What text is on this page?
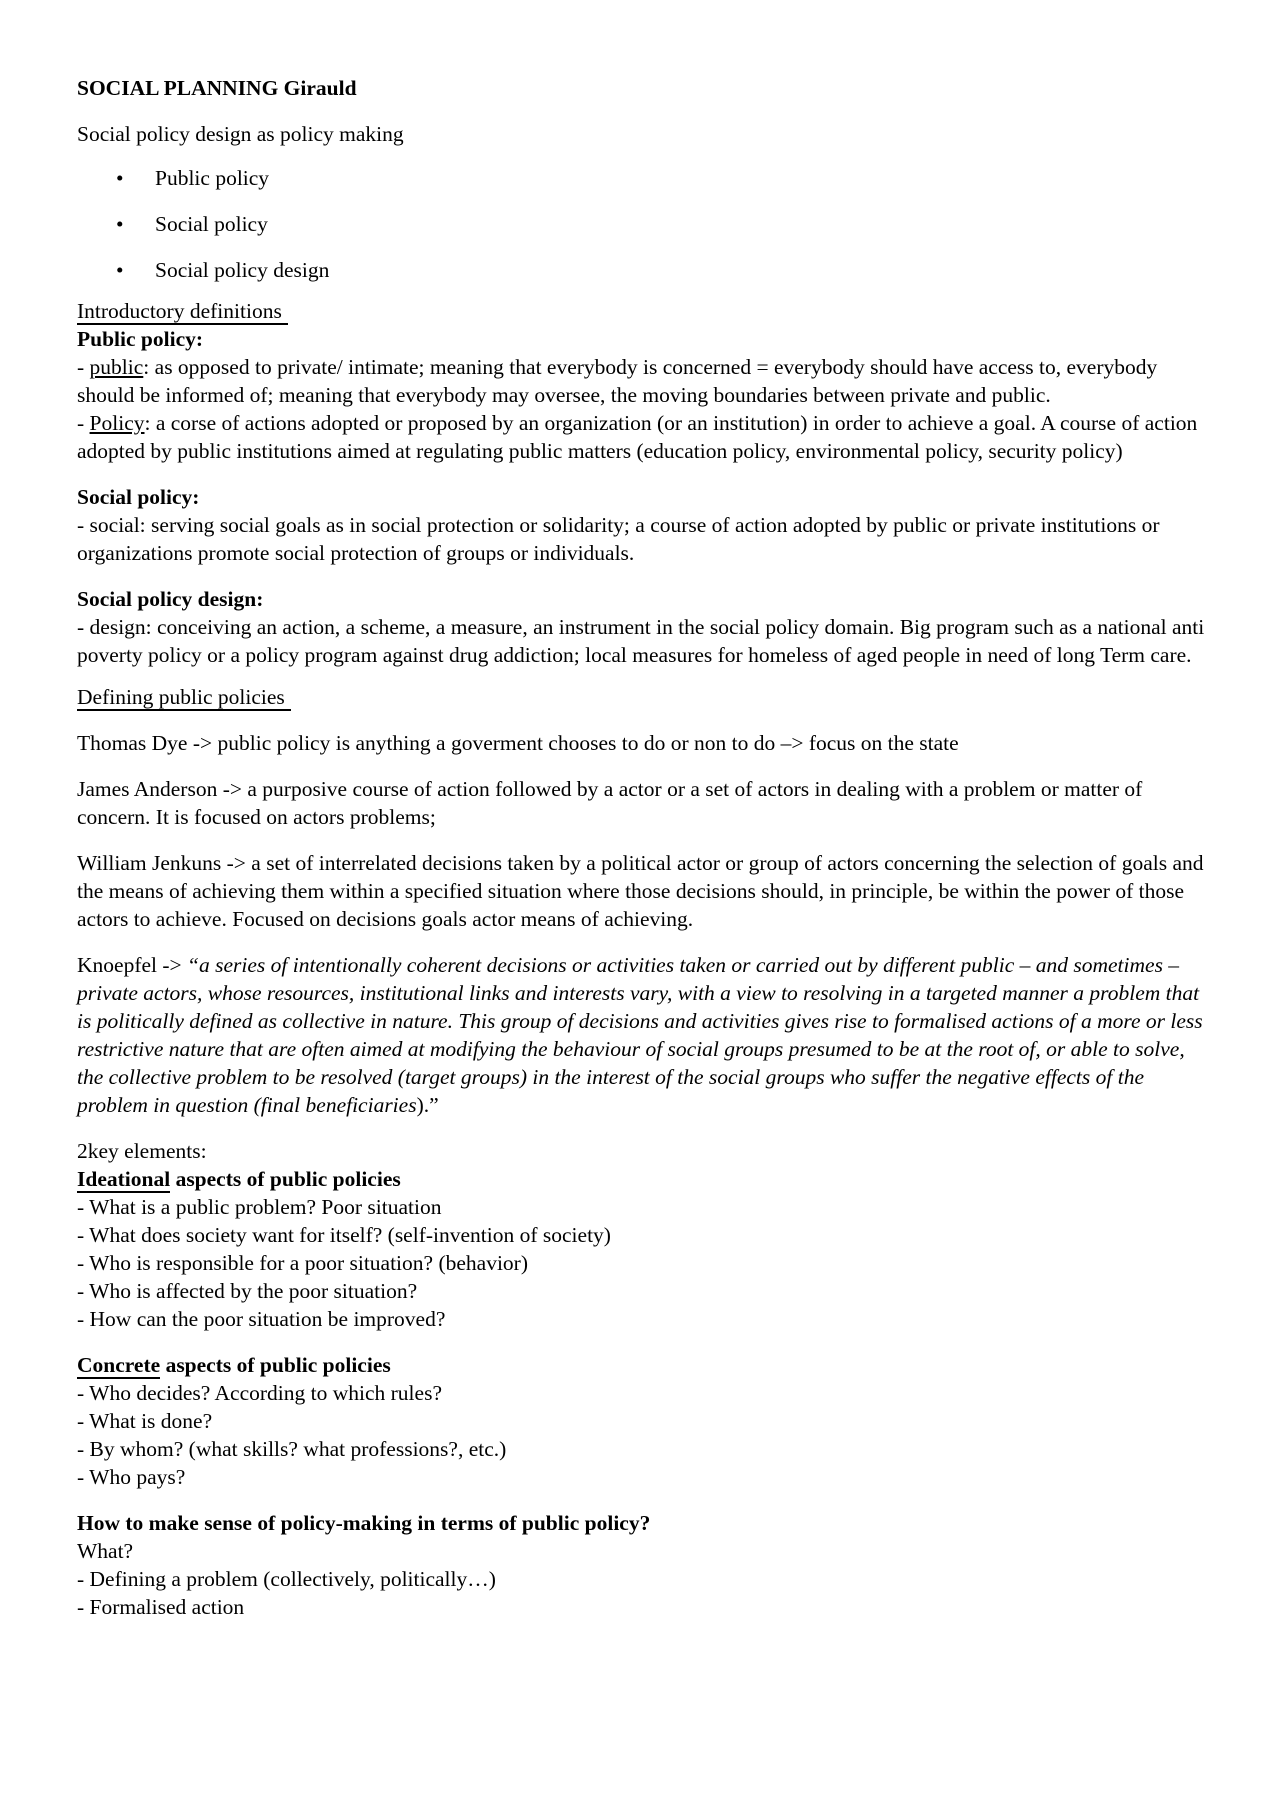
SOCIAL PLANNING Girauld

Social policy design as policy making

• Public policy
• Social policy
• Social policy design

Introductory definitions

Public policy:

- public: as opposed to private/ intimate; meaning that everybody is concerned = everybody should have access to, everybody should be informed of; meaning that everybody may oversee, the moving boundaries between private and public.

- Policy: a corse of actions adopted or proposed by an organization (or an institution) in order to achieve a goal. A course of action adopted by public institutions aimed at regulating public matters (education policy, environmental policy, security policy)

Social policy:

- social: serving social goals as in social protection or solidarity; a course of action adopted by public or private institutions or organizations promote social protection of groups or individuals.

Social policy design:

- design: conceiving an action, a scheme, a measure, an instrument in the social policy domain. Big program such as a national anti poverty policy or a policy program against drug addiction; local measures for homeless of aged people in need of long Term care.

Defining public policies

Thomas Dye -> public policy is anything a goverment chooses to do or non to do –> focus on the state

James Anderson -> a purposive course of action followed by a actor or a set of actors in dealing with a problem or matter of concern. It is focused on actors problems;

William Jenkuns -> a set of interrelated decisions taken by a political actor or group of actors concerning the selection of goals and the means of achieving them within a specified situation where those decisions should, in principle, be within the power of those actors to achieve. Focused on decisions goals actor means of achieving.

Knoepfel -> “a series of intentionally coherent decisions or activities taken or carried out by different public – and sometimes – private actors, whose resources, institutional links and interests vary, with a view to resolving in a targeted manner a problem that is politically defined as collective in nature. This group of decisions and activities gives rise to formalised actions of a more or less restrictive nature that are often aimed at modifying the behaviour of social groups presumed to be at the root of, or able to solve, the collective problem to be resolved (target groups) in the interest of the social groups who suffer the negative effects of the problem in question (final beneficiaries).”

2key elements:

Ideational aspects of public policies

- What is a public problem? Poor situation

- What does society want for itself? (self-invention of society)

- Who is responsible for a poor situation? (behavior)

- Who is affected by the poor situation?

- How can the poor situation be improved?

Concrete aspects of public policies

- Who decides? According to which rules?

- What is done?

- By whom? (what skills? what professions?, etc.)

- Who pays?

How to make sense of policy-making in terms of public policy?

What?

- Defining a problem (collectively, politically…)

- Formalised action
